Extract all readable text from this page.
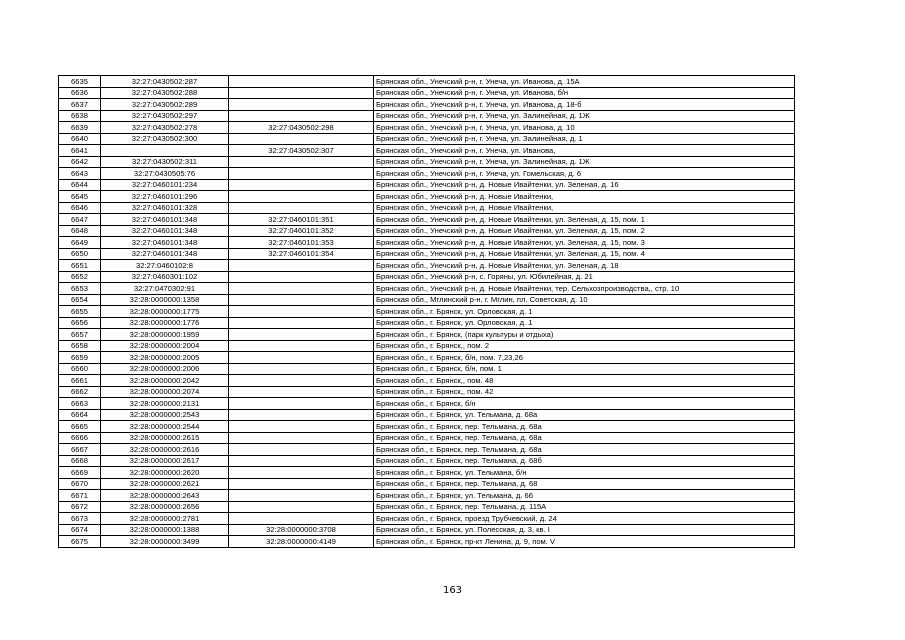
6635	32:27:0430502:287		Брянская обл., Унечский р-н, г. Унеча, ул. Иванова, д. 15А
6636	32:27:0430502:288		Брянская обл., Унечский р-н, г. Унеча, ул. Иванова, б/н
6637	32:27:0430502:289		Брянская обл., Унечский р-н, г. Унеча, ул. Иванова, д. 18-б
6638	32:27:0430502:297		Брянская обл., Унечский р-н, г. Унеча, ул. Залинейная, д. 1Ж
6639	32:27:0430502:278	32:27:0430502:298	Брянская обл., Унечский р-н, г. Унеча, ул. Иванова, д. 10
6640	32:27:0430502:300		Брянская обл., Унечский р-н, г. Унеча, ул. Залинейная, д. 1
6641		32:27:0430502:307	Брянская обл., Унечский р-н, г. Унеча, ул. Иванова,
6642	32:27:0430502:311		Брянская обл., Унечский р-н, г. Унеча, ул. Залинейная, д. 1Ж
6643	32:27:0430505:76		Брянская обл., Унечский р-н, г. Унеча, ул. Гомельская, д. 6
6644	32:27:0460101:234		Брянская обл., Унечский р-н, д. Новые Ивайтенки, ул. Зеленая, д. 16
6645	32:27:0460101:296		Брянская обл., Унечский р-н, д. Новые Ивайтенки,
6646	32:27:0460101:328		Брянская обл., Унечский р-н, д. Новые Ивайтенки,
6647	32:27:0460101:348	32:27:0460101:351	Брянская обл., Унечский р-н, д. Новые Ивайтенки, ул. Зеленая, д. 15, пом. 1
6648	32:27:0460101:348	32:27:0460101:352	Брянская обл., Унечский р-н, д. Новые Ивайтенки, ул. Зеленая, д. 15, пом. 2
6649	32:27:0460101:348	32:27:0460101:353	Брянская обл., Унечский р-н, д. Новые Ивайтенки, ул. Зеленая, д. 15, пом. 3
6650	32:27:0460101:348	32:27:0460101:354	Брянская обл., Унечский р-н, д. Новые Ивайтенки, ул. Зеленая, д. 15, пом. 4
6651	32:27:0460102:8		Брянская обл., Унечский р-н, д. Новые Ивайтенки, ул. Зеленая, д. 18
6652	32:27:0460301:102		Брянская обл., Унечский р-н, с. Горяны, ул. Юбилейная, д. 21
6653	32:27:0470302:91		Брянская обл., Унечский р-н, д. Новые Ивайтенки, тер. Сельхозпроизводства,, стр. 10
6654	32:28:0000000:1358		Брянская обл., Мглинский р-н, г. Мглин, пл. Советская, д. 10
6655	32:28:0000000:1775		Брянская обл., г. Брянск, ул. Орловская, д. 1
6656	32:28:0000000:1776		Брянская обл., г. Брянск, ул. Орловская, д. 1
6657	32:28:0000000:1959		Брянская обл., г. Брянск, (парк культуры и отдыха)
6658	32:28:0000000:2004		Брянская обл., г. Брянск,, пом. 2
6659	32:28:0000000:2005		Брянская обл., г. Брянск, б/н, пом. 7,23,26
6660	32:28:0000000:2006		Брянская обл., г. Брянск, б/н, пом. 1
6661	32:28:0000000:2042		Брянская обл., г. Брянск,, пом. 48
6662	32:28:0000000:2074		Брянская обл., г. Брянск,, пом. 42
6663	32:28:0000000:2131		Брянская обл., г. Брянск, б/н
6664	32:28:0000000:2543		Брянская обл., г. Брянск, ул. Тельмана, д. 68а
6665	32:28:0000000:2544		Брянская обл., г. Брянск, пер. Тельмана, д. 68а
6666	32:28:0000000:2615		Брянская обл., г. Брянск, пер. Тельмана, д. 68а
6667	32:28:0000000:2616		Брянская обл., г. Брянск, пер. Тельмана, д. 68а
6668	32:28:0000000:2617		Брянская обл., г. Брянск, пер. Тельмана, д. 68б
6669	32:28:0000000:2620		Брянская обл., г. Брянск, ул. Тельмана, б/н
6670	32:28:0000000:2621		Брянская обл., г. Брянск, пер. Тельмана, д. 68
6671	32:28:0000000:2643		Брянская обл., г. Брянск, ул. Тельмана, д. 66
6672	32:28:0000000:2656		Брянская обл., г. Брянск, пер. Тельмана, д. 115А
6673	32:28:0000000:2781		Брянская обл., г. Брянск, проезд Трубчевский, д. 24
6674	32:28:0000000:1388	32:28:0000000:3708	Брянская обл., г. Брянск, ул. Полесская, д. 3, кв. I
6675	32:28:0000000:3499	32:28:0000000:4149	Брянская обл., г. Брянск, пр-кт Ленина, д. 9, пом. V
163
